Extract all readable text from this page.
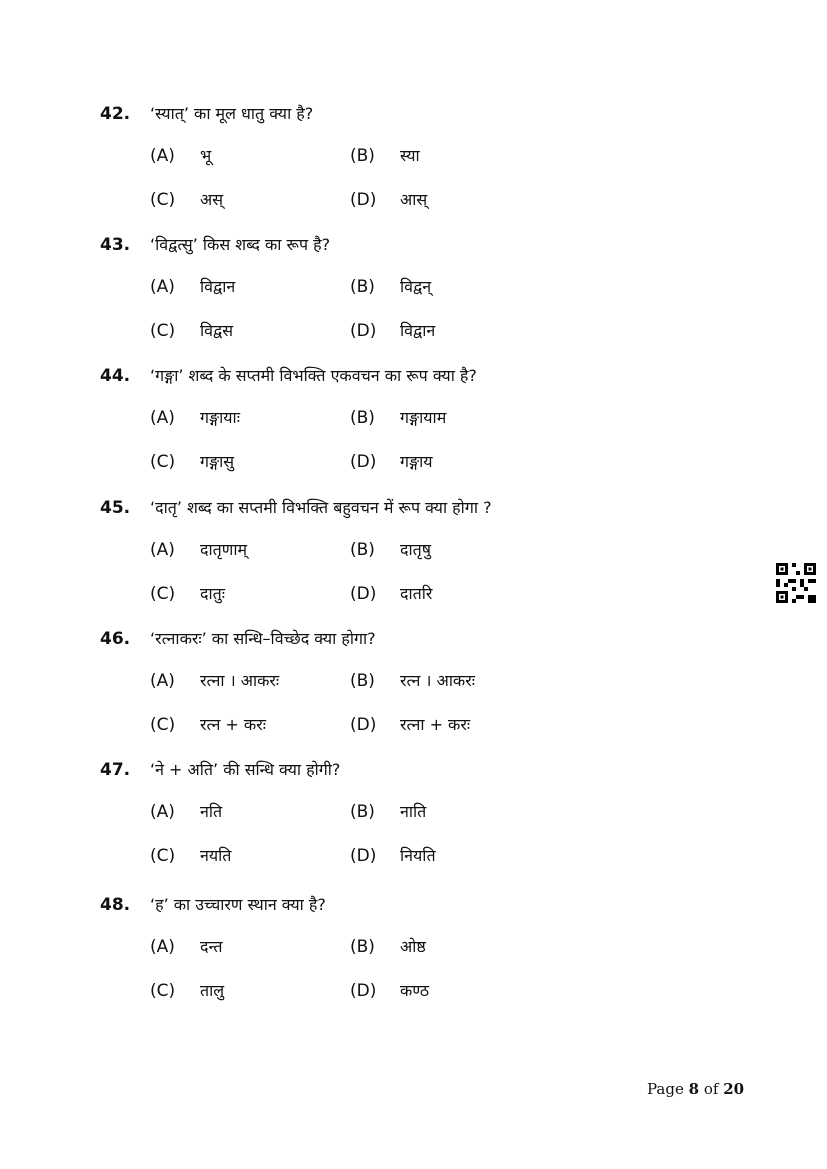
42.	‘स्यात्’ का मूल धातु क्या है?
(A)	भू	(B)	स्या
(C)	अस्	(D)	आस्
43.	‘विद्वत्सु’ किस शब्द का रूप है?
(A)	विद्वान	(B)	विद्वन्
(C)	विद्वस	(D)	विद्वान
44.	‘गङ्गा’ शब्द के सप्तमी विभक्ति एकवचन का रूप क्या है?
(A)	गङ्गायाः	(B)	गङ्गायाम
(C)	गङ्गासु	(D)	गङ्गाय
45.	‘दातृ’ शब्द का सप्तमी विभक्ति बहुवचन में रूप क्या होगा ?
(A)	दातृणाम्	(B)	दातृषु
(C)	दातुः	(D)	दातरि
46.	‘रत्नाकरः’ का सन्धि–विच्छेद क्या होगा?
(A)	रत्ना । आकरः	(B)	रत्न । आकरः
(C)	रत्न + करः	(D)	रत्ना + करः
47.	‘ने + अति’ की सन्धि क्या होगी?
(A)	नति	(B)	नाति
(C)	नयति	(D)	नियति
48.	‘ह’ का उच्चारण स्थान क्या है?
(A)	दन्त	(B)	ओष्ठ
(C)	तालु	(D)	कण्ठ
Page 8 of 20
